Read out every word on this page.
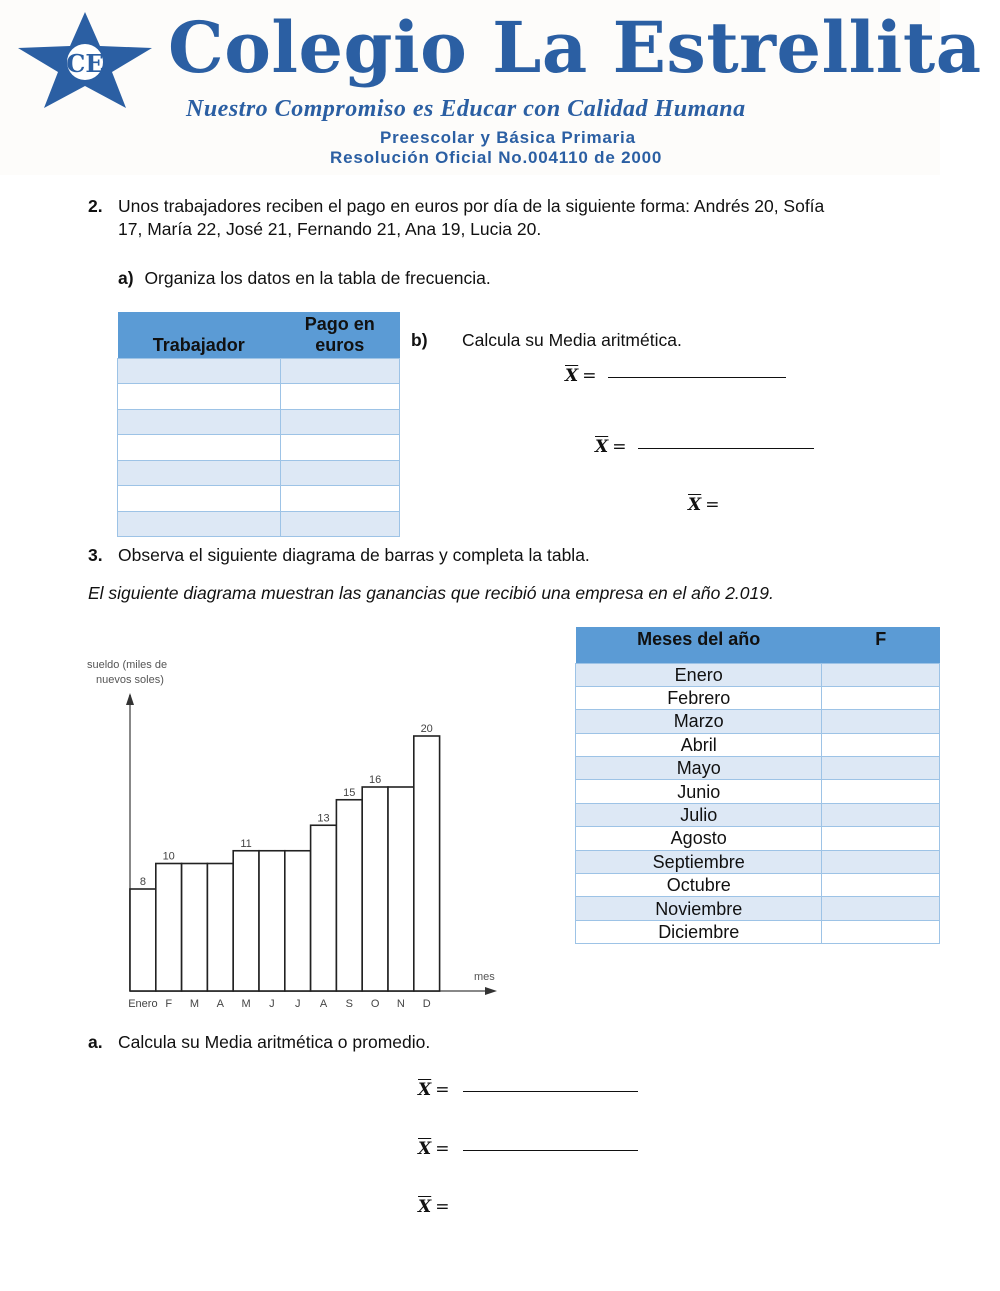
CE Colegio La Estrellita
Nuestro Compromiso es Educar con Calidad Humana
Preescolar y Básica Primaria
Resolución Oficial No.004110 de 2000
2. Unos trabajadores reciben el pago en euros por día de la siguiente forma: Andrés 20, Sofía
17, María 22, José 21, Fernando 21, Ana 19, Lucia 20.
a) Organiza los datos en la tabla de frecuencia.
Trabajador	Pago en
euros

		b) Calcula su Media aritmética.
$\overline{X}$ =
$\overline{X}$ =
$\overline{X}$ =
3. Observa el siguiente diagrama de barras y completa la tabla.
El siguiente diagrama muestran las ganancias que recibió una empresa en el año 2.019.
sueldo (miles de
nuevos soles)
mes
8
10
11
13
15
16
20
Enero F M A M J J A S O N D
Meses del año	F
Enero	
Febrero	
Marzo	
Abril	
Mayo	
Junio	
Julio	
Agosto	
Septiembre	
Octubre	
Noviembre	
Diciembre	
a. Calcula su Media aritmética o promedio.
$\overline{X}$ =
$\overline{X}$ =
$\overline{X}$ =
